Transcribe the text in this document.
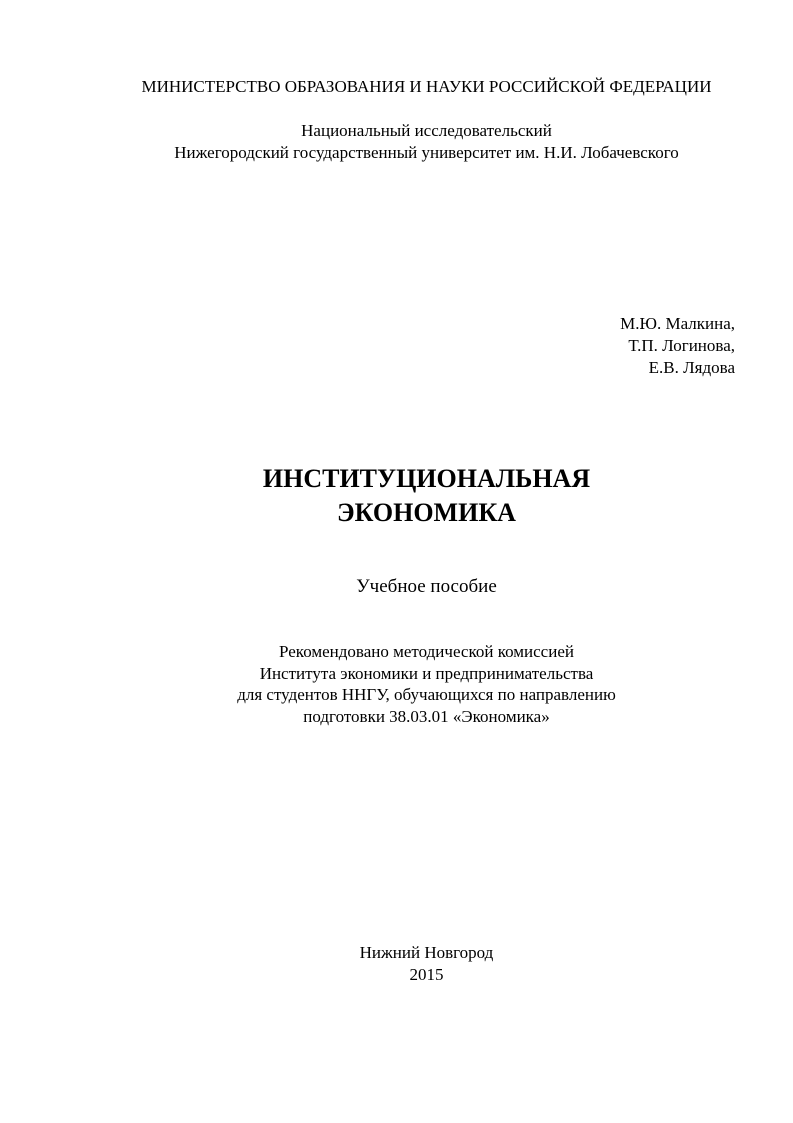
МИНИСТЕРСТВО ОБРАЗОВАНИЯ И НАУКИ РОССИЙСКОЙ ФЕДЕРАЦИИ
Национальный исследовательский
Нижегородский государственный университет им. Н.И. Лобачевского
М.Ю. Малкина,
Т.П. Логинова,
Е.В. Лядова
ИНСТИТУЦИОНАЛЬНАЯ
ЭКОНОМИКА
Учебное пособие
Рекомендовано методической комиссией
Института экономики и предпринимательства
для студентов ННГУ, обучающихся по направлению
подготовки 38.03.01 «Экономика»
Нижний Новгород
2015
